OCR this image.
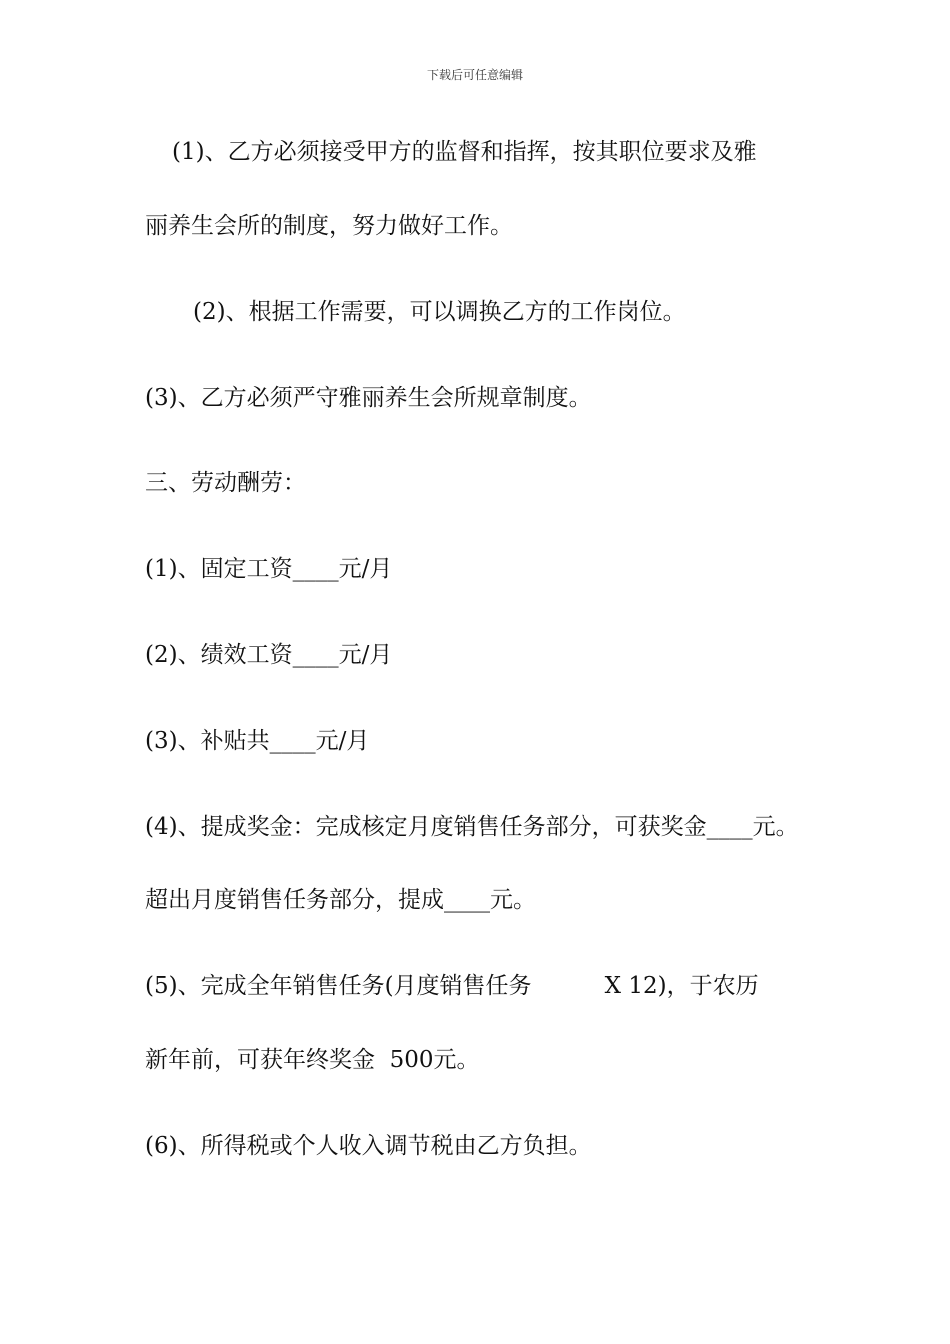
下载后可任意编辑
(1)、乙方必须接受甲方的监督和指挥，按其职位要求及雅
丽养生会所的制度，努力做好工作。
(2)、根据工作需要，可以调换乙方的工作岗位。
(3)、乙方必须严守雅丽养生会所规章制度。
三、劳动酬劳：
(1)、固定工资____元/月
(2)、绩效工资____元/月
(3)、补贴共____元/月
(4)、提成奖金：完成核定月度销售任务部分，可获奖金____元。
超出月度销售任务部分，提成____元。
(5)、完成全年销售任务(月度销售任务          X 12)，于农历
新年前，可获年终奖金  500元。
(6)、所得税或个人收入调节税由乙方负担。
